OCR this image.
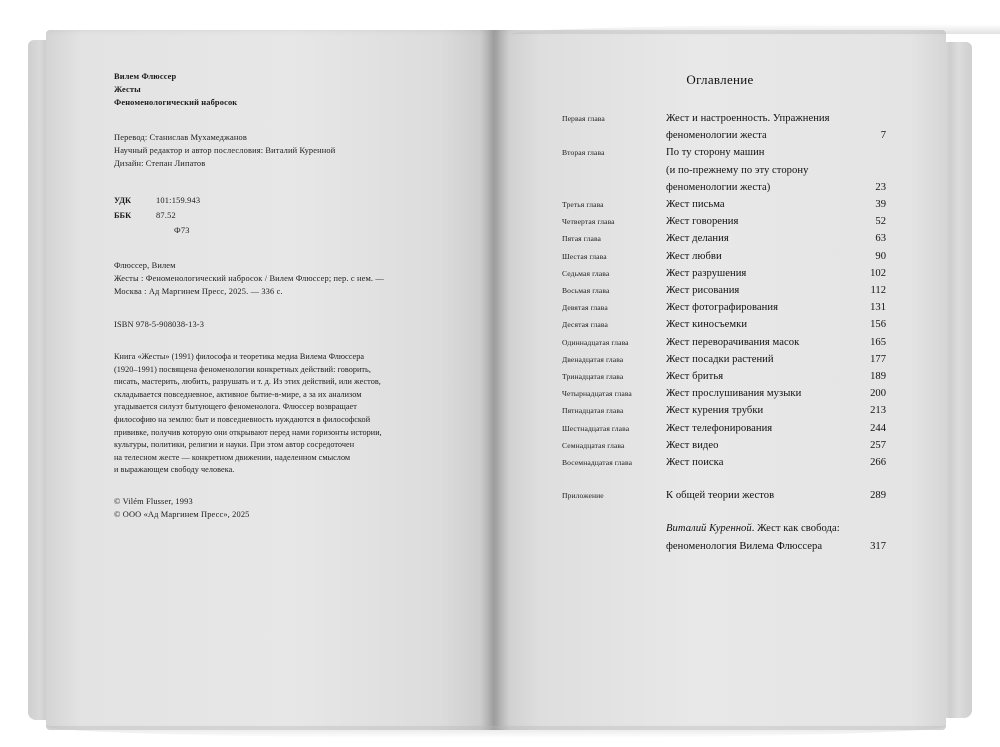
Вилем Флюссер
Жесты
Феноменологический набросок
Перевод: Станислав Мухамеджанов
Научный редактор и автор послесловия: Виталий Куренной
Дизайн: Степан Липатов
УДК	101:159.943
ББК	87.52
Ф73
Флюссер, Вилем
Жесты : Феноменологический набросок / Вилем Флюссер; пер. с нем. —
Москва : Ад Маргинем Пресс, 2025. — 336 с.
ISBN 978-5-908038-13-3
Книга «Жесты» (1991) философа и теоретика медиа Вилема Флюссера
(1920–1991) посвящена феноменологии конкретных действий: говорить,
писать, мастерить, любить, разрушать и т. д. Из этих действий, или жестов,
складывается повседневное, активное бытие-в-мире, а за их анализом
угадывается силуэт бытующего феноменолога. Флюссер возвращает
философию на землю: быт и повседневность нуждаются в философской
прививке, получив которую они открывают перед нами горизонты истории,
культуры, политики, религии и науки. При этом автор сосредоточен
на телесном жесте — конкретном движении, наделенном смыслом
и выражающем свободу человека.
© Vilém Flusser, 1993
© ООО «Ад Маргинем Пресс», 2025
Оглавление
Первая глава	Жест и настроенность. Упражнения
феноменологии жеста	7
Вторая глава	По ту сторону машин
(и по-прежнему по эту сторону
феноменологии жеста)	23
Третья глава	Жест письма	39
Четвертая глава	Жест говорения	52
Пятая глава	Жест делания	63
Шестая глава	Жест любви	90
Седьмая глава	Жест разрушения	102
Восьмая глава	Жест рисования	112
Девятая глава	Жест фотографирования	131
Десятая глава	Жест киносъемки	156
Одиннадцатая глава	Жест переворачивания масок	165
Двенадцатая глава	Жест посадки растений	177
Тринадцатая глава	Жест бритья	189
Четырнадцатая глава	Жест прослушивания музыки	200
Пятнадцатая глава	Жест курения трубки	213
Шестнадцатая глава	Жест телефонирования	244
Семнадцатая глава	Жест видео	257
Восемнадцатая глава	Жест поиска	266
Приложение	К общей теории жестов	289
Виталий Куренной. Жест как свобода:
феноменология Вилема Флюссера	317
